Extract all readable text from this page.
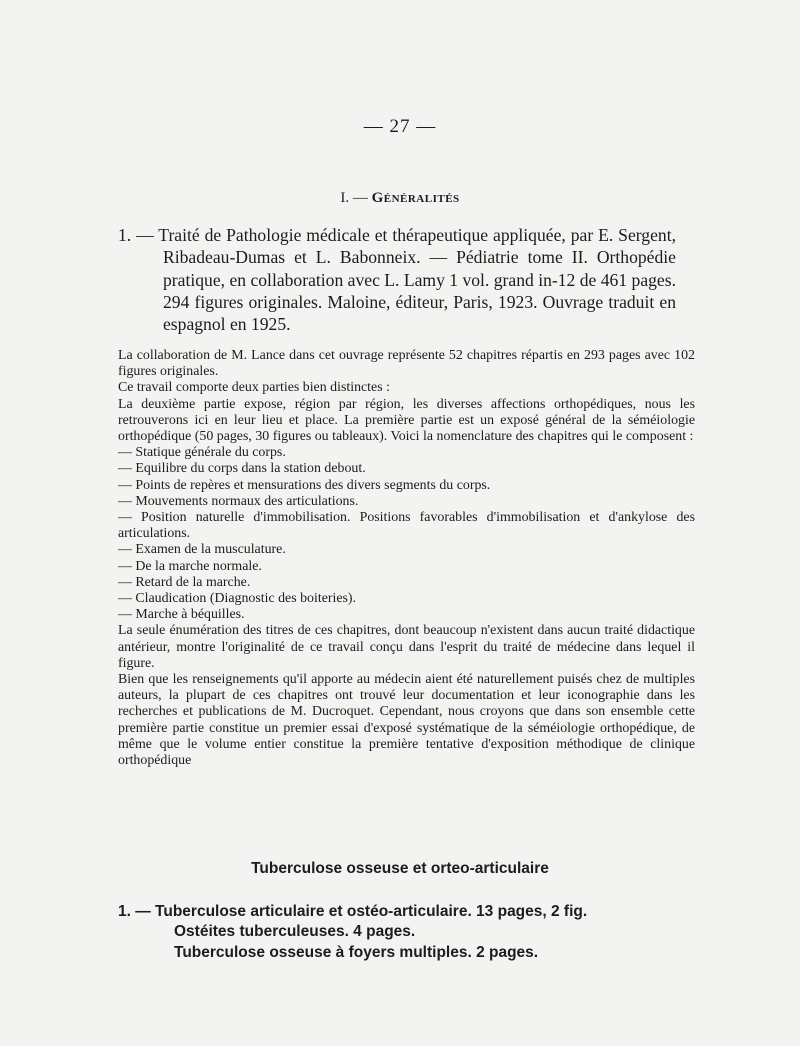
— 27 —
I. — Généralités

1. — Traité de Pathologie médicale et thérapeutique appliquée, par E. Sergent, Ribadeau-Dumas et L. Babonneix. — Pédiatrie tome II. Orthopédie pratique, en collaboration avec L. Lamy 1 vol. grand in-12 de 461 pages. 294 figures originales. Maloine, éditeur, Paris, 1923. Ouvrage traduit en espagnol en 1925.

La collaboration de M. Lance dans cet ouvrage représente 52 chapitres répartis en 293 pages avec 102 figures originales.

Ce travail comporte deux parties bien distinctes :

La deuxième partie expose, région par région, les diverses affections orthopédiques, nous les retrouverons ici en leur lieu et place. La première partie est un exposé général de la séméiologie orthopédique (50 pages, 30 figures ou tableaux). Voici la nomenclature des chapitres qui le composent :

— Statique générale du corps.

— Equilibre du corps dans la station debout.

— Points de repères et mensurations des divers segments du corps.

— Mouvements normaux des articulations.

— Position naturelle d'immobilisation. Positions favorables d'immobilisation et d'ankylose des articulations.

— Examen de la musculature.

— De la marche normale.

— Retard de la marche.

— Claudication (Diagnostic des boiteries).

— Marche à béquilles.

La seule énumération des titres de ces chapitres, dont beaucoup n'existent dans aucun traité didactique antérieur, montre l'originalité de ce travail conçu dans l'esprit du traité de médecine dans lequel il figure.

Bien que les renseignements qu'il apporte au médecin aient été naturellement puisés chez de multiples auteurs, la plupart de ces chapitres ont trouvé leur documentation et leur iconographie dans les recherches et publications de M. Ducroquet. Cependant, nous croyons que dans son ensemble cette première partie constitue un premier essai d'exposé systématique de la séméiologie orthopédique, de même que le volume entier constitue la première tentative d'exposition méthodique de clinique orthopédique

Tuberculose osseuse et orteo-articulaire

1. — Tuberculose articulaire et ostéo-articulaire. 13 pages, 2 fig.

Ostéites tuberculeuses. 4 pages.

Tuberculose osseuse à foyers multiples. 2 pages.
